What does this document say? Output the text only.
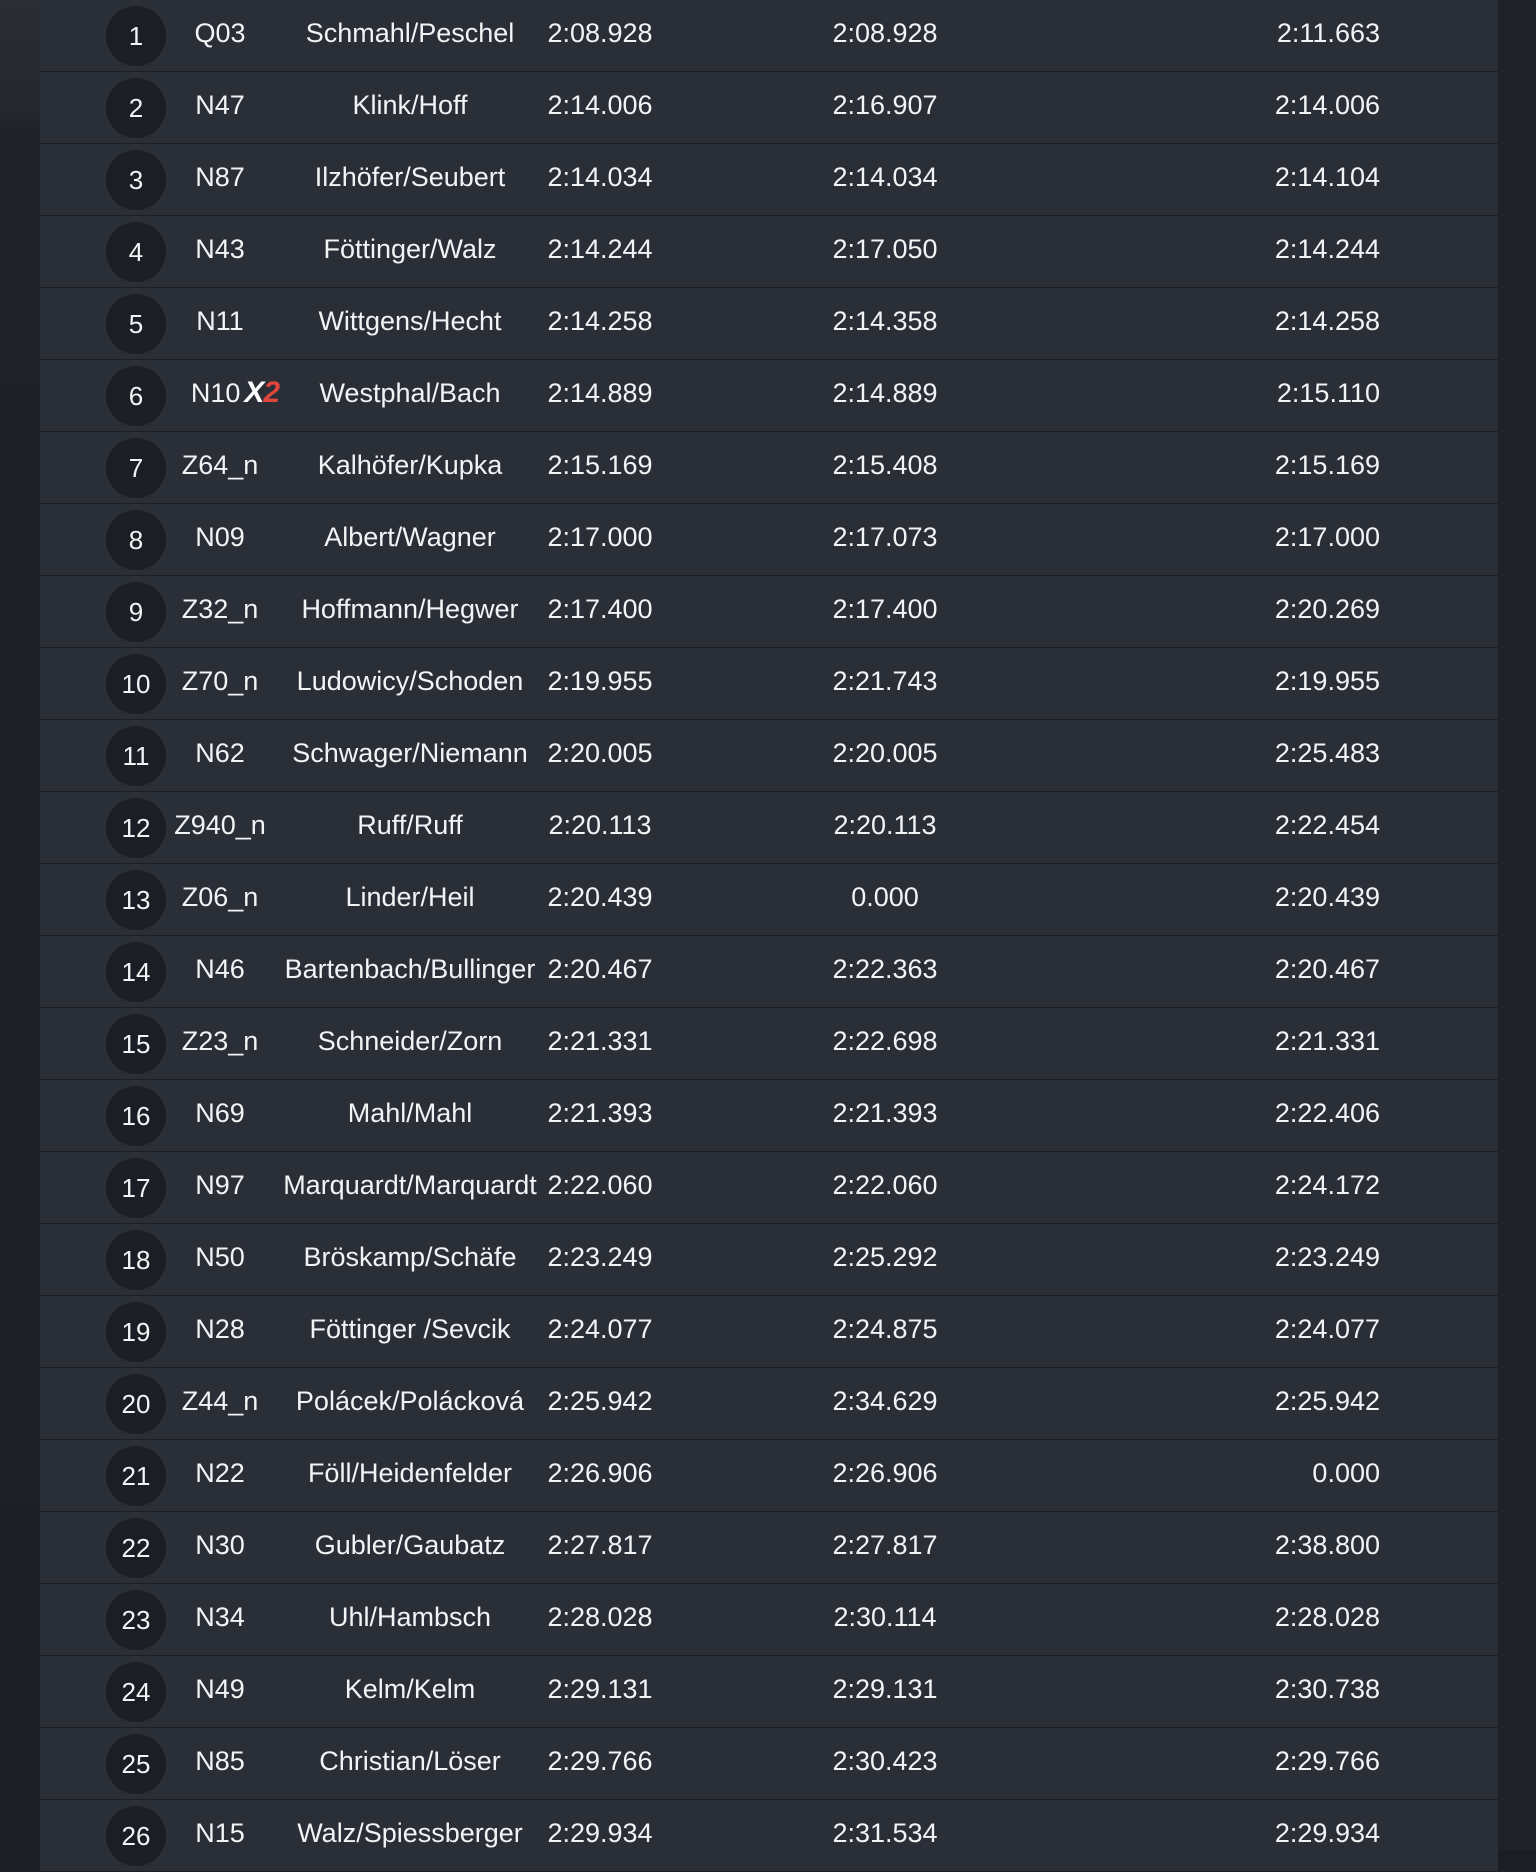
1	Q03	Schmahl/Peschel	2:08.928	2:08.928	2:11.663
2	N47	Klink/Hoff	2:14.006	2:16.907	2:14.006
3	N87	Ilzhöfer/Seubert	2:14.034	2:14.034	2:14.104
4	N43	Föttinger/Walz	2:14.244	2:17.050	2:14.244
5	N11	Wittgens/Hecht	2:14.258	2:14.358	2:14.258
6	N10 X2	Westphal/Bach	2:14.889	2:14.889	2:15.110
7	Z64_n	Kalhöfer/Kupka	2:15.169	2:15.408	2:15.169
8	N09	Albert/Wagner	2:17.000	2:17.073	2:17.000
9	Z32_n	Hoffmann/Hegwer	2:17.400	2:17.400	2:20.269
10	Z70_n	Ludowicy/Schoden 2:19.955	2:21.743	2:19.955
11	N62	Schwager/Niemann 2:20.005	2:20.005	2:25.483
12 Z940_n	Ruff/Ruff	2:20.113	2:20.113	2:22.454
13	Z06_n	Linder/Heil	2:20.439	0.000	2:20.439
14	N46	Bartenbach/Bullinger 2:20.467	2:22.363	2:20.467
15	Z23_n	Schneider/Zorn	2:21.331	2:22.698	2:21.331
16	N69	Mahl/Mahl	2:21.393	2:21.393	2:22.406
17	N97	Marquardt/Marquardt 2:22.060	2:22.060	2:24.172
18	N50	Bröskamp/Schäfe	2:23.249	2:25.292	2:23.249
19	N28	Föttinger /Sevcik	2:24.077	2:24.875	2:24.077
20	Z44_n	Polácek/Polácková 2:25.942	2:34.629	2:25.942
21	N22	Föll/Heidenfelder	2:26.906	2:26.906	0.000
22	N30	Gubler/Gaubatz	2:27.817	2:27.817	2:38.800
23	N34	Uhl/Hambsch	2:28.028	2:30.114	2:28.028
24	N49	Kelm/Kelm	2:29.131	2:29.131	2:30.738
25	N85	Christian/Löser	2:29.766	2:30.423	2:29.766
26	N15	Walz/Spiessberger 2:29.934	2:31.534	2:29.934
